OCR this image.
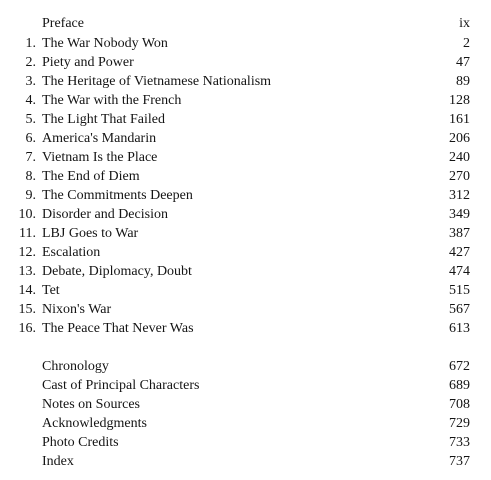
Preface	ix
1. The War Nobody Won	2
2. Piety and Power	47
3. The Heritage of Vietnamese Nationalism	89
4. The War with the French	128
5. The Light That Failed	161
6. America's Mandarin	206
7. Vietnam Is the Place	240
8. The End of Diem	270
9. The Commitments Deepen	312
10. Disorder and Decision	349
11. LBJ Goes to War	387
12. Escalation	427
13. Debate, Diplomacy, Doubt	474
14. Tet	515
15. Nixon's War	567
16. The Peace That Never Was	613
Chronology	672
Cast of Principal Characters	689
Notes on Sources	708
Acknowledgments	729
Photo Credits	733
Index	737
